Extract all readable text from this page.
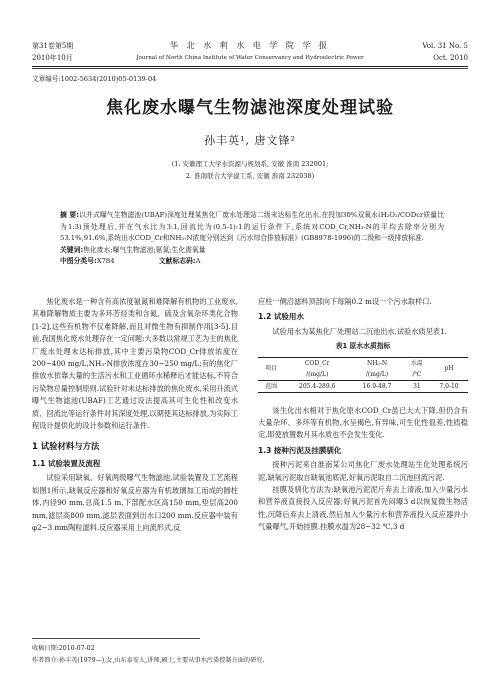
第31卷第5期
2010年10月
华 北 水 利 水 电 学 院 学 报
Journal of North China Institute of Water Conservancy and Hydroelectric Power
Vol. 31 No. 5
Oct. 2010
文章编号:1002-5634(2010)05-0139-04
焦化废水曝气生物滤池深度处理试验
孙丰英¹, 唐文锋²
(1. 安徽理工大学水资源与规划系, 安徽 淮南 232001;
2. 淮南联合大学建工系, 安徽 淮南 232038)
摘 要:以井式曝气生物滤池(UBAF)深度处理某焦化厂废水处理站二级未达标生化出水,在投加30%双氧水(H₂O₂/CODcr质量比为1:3)预处理后,并在气水比为3:1,回流比为(0.5-1):1的运行条件下,系统对COD_Cr,NH₃-N的平均去除率分别为53.1%,91.6%,系统出水COD_Cr和NH₃-N浓度分别达到《污水综合排放标准》(GB8978-1996)的二级和一级排放标准.
关键词:焦化废水;曝气生物滤池;氨氮;生化需氧量
中图分类号:X784	文献标志码:A

焦化废水是一种含有高浓度氨氮和难降解有机物的工业废水,其难降解物质主要为多环芳烃类和含氮、硫及含氧杂环类化合物[1-2],这些有机物不仅难降解,而且对微生物有抑制作用[3-5].目前,我国焦化废水处理存在一定问题:大多数以常规工艺为主的焦化厂废水处理未达标排放,其中主要污染物COD_Cr排放浓度在200~400 mg/L,NH₃-N排放浓度在30~250 mg/L;有的焦化厂排放水依靠大量的生活污水和工业循环水稀释后才能达标,不符合污染物总量控制原则.试验针对未达标排放的焦化废水,采用升流式曝气生物滤池(UBAF)工艺通过设法提高其可生化性和改变水质、回流比等运行条件对其深度处理,以期使其达标排放,为实际工程设计提供化的设计参数和运行条件.

1 试验材料与方法
1.1 试验装置及流程

试验采用缺氧、好氧两级曝气生物滤池,试验装置及工艺流程如图1所示,缺氧反应器和好氧反应器为有机玻璃加工而成的圆柱体,内径90 mm,总高1.5 m,下部配水区高150 mm,垫层高200 mm,滤层高800 mm,滤层表面到出水口200 mm.反应器中装有φ2~3 mm陶粒滤料.反应器采用上向流形式,反

应柱一侧沿滤料顶部向下每隔0.2 m设一个污水取样口.

1.2 试验用水

试验用水为某焦化厂处理站二沉池出水,试验水质见表1.

表1 原水水质指标
项目	COD_Cr	NH₃-N	水温	pH
	/(mg/L)	/(mg/L)	/℃	
范围	205.4-289.6	16.9-48.7	31	7.0-10

该生化出水相对于焦化原水COD_Cr虽已大大下降,但仍含有大量杂环、多环等有机物,水呈褐色,有异味,可生化性很差,性质稳定,即使放置数月其水质也不会发生变化.

1.3 接种污泥及挂膜驯化

接种污泥来自淮南某公司焦化厂废水处理站生化处理系统污泥,缺氧污泥取自缺氧池底泥,好氧污泥取自二沉池回流污泥.

挂膜及驯化方法为:缺氧池污泥泥斤弃去上清液,加入少量污水和营养液直接投入反应器;好氧污泥首先闷曝3 d以恢复微生物活性,沉降后弃去上清液,然后加入少量污水和营养液投入反应器并小气量曝气,开始挂膜.挂膜水温为28~32 ℃,3 d

收稿日期:2010-07-02
作者简介:孙丰英(1979—),女,山东泰安人,讲师,硕士,主要从事水污染控制方面的研究.
